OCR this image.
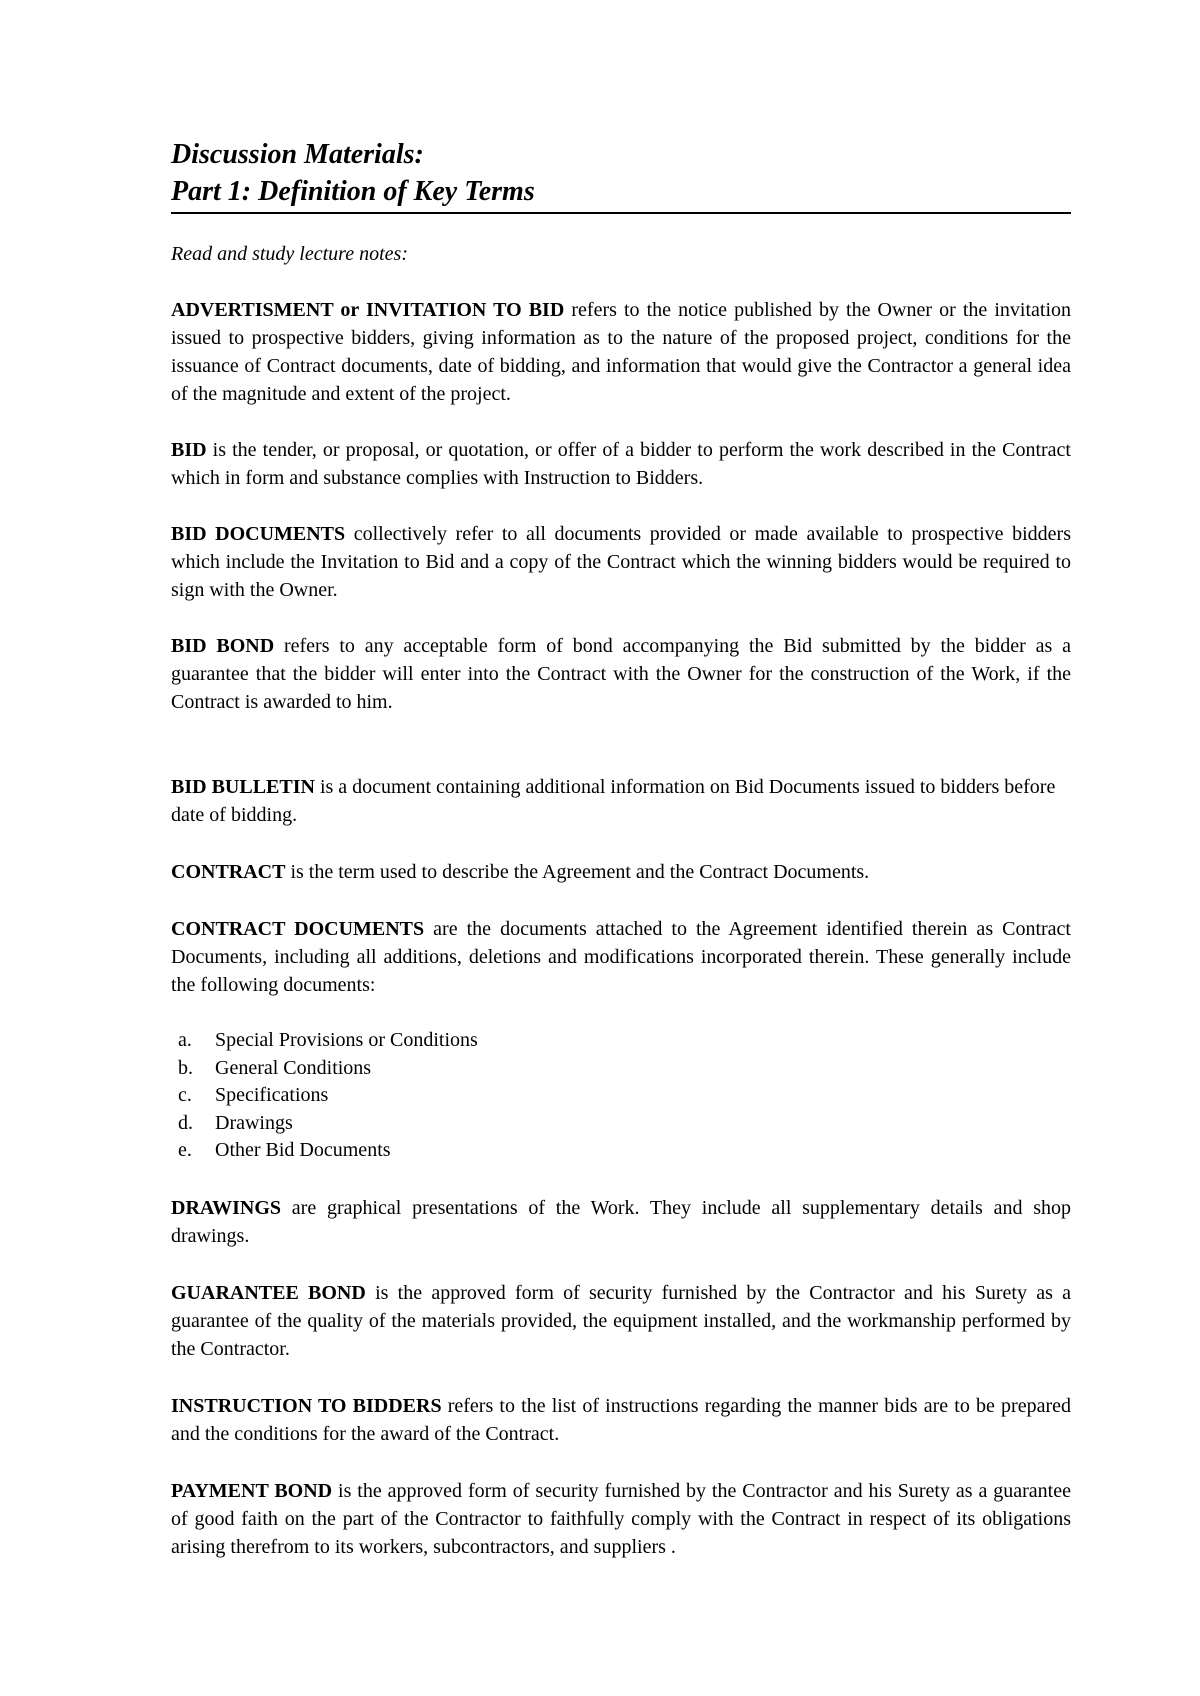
Discussion Materials:

Part 1: Definition of Key Terms

Read and study lecture notes:

ADVERTISMENT or INVITATION TO BID refers to the notice published by the Owner or the invitation issued to prospective bidders, giving information as to the nature of the proposed project, conditions for the issuance of Contract documents, date of bidding, and information that would give the Contractor a general idea of the magnitude and extent of the project.

BID is the tender, or proposal, or quotation, or offer of a bidder to perform the work described in the Contract which in form and substance complies with Instruction to Bidders.

BID DOCUMENTS collectively refer to all documents provided or made available to prospective bidders which include the Invitation to Bid and a copy of the Contract which the winning bidders would be required to sign with the Owner.

BID BOND refers to any acceptable form of bond accompanying the Bid submitted by the bidder as a guarantee that the bidder will enter into the Contract with the Owner for the construction of the Work, if the Contract is awarded to him.

BID BULLETIN is a document containing additional information on Bid Documents issued to bidders before date of bidding.

CONTRACT is the term used to describe the Agreement and the Contract Documents.

CONTRACT DOCUMENTS are the documents attached to the Agreement identified therein as Contract Documents, including all additions, deletions and modifications incorporated therein. These generally include the following documents:

a.	Special Provisions or Conditions
b.	General Conditions
c.	Specifications
d.	Drawings
e.	Other Bid Documents

DRAWINGS are graphical presentations of the Work. They include all supplementary details and shop drawings.

GUARANTEE BOND is the approved form of security furnished by the Contractor and his Surety as a guarantee of the quality of the materials provided, the equipment installed, and the workmanship performed by the Contractor.

INSTRUCTION TO BIDDERS refers to the list of instructions regarding the manner bids are to be prepared and the conditions for the award of the Contract.

PAYMENT BOND is the approved form of security furnished by the Contractor and his Surety as a guarantee of good faith on the part of the Contractor to faithfully comply with the Contract in respect of its obligations arising therefrom to its workers, subcontractors, and suppliers .
